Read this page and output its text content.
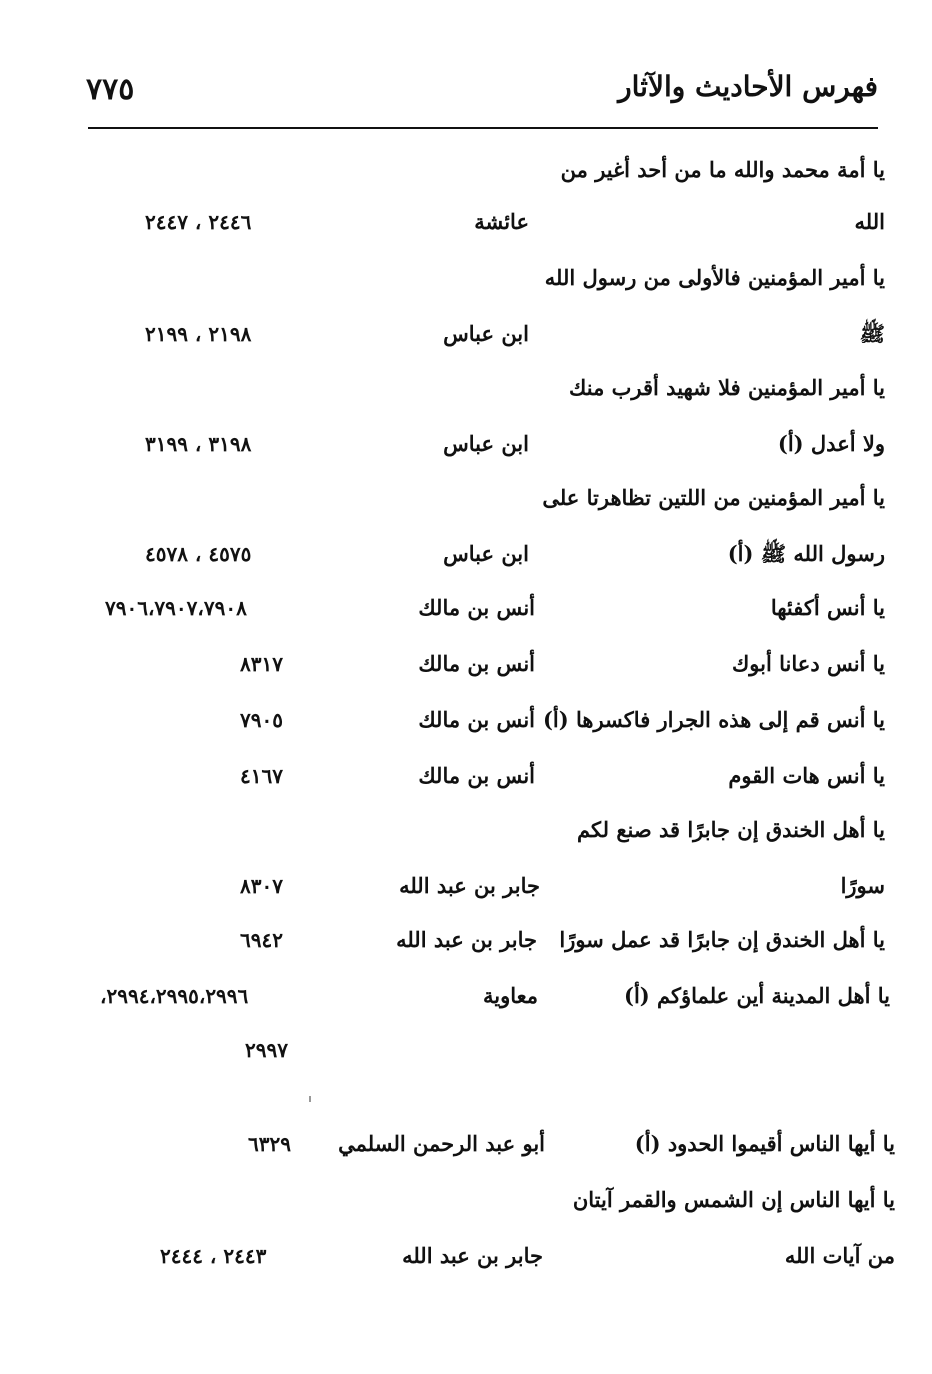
٧٧٥	فهرس الأحاديث والآثار
يا أمة محمد والله ما من أحد أغير من
الله
عائشة
٢٤٤٦ ، ٢٤٤٧
يا أمير المؤمنين فالأولى من رسول الله
ﷺ
ابن عباس
٢١٩٨ ، ٢١٩٩
يا أمير المؤمنين فلا شهيد أقرب منك
ولا أعدل (أ)
ابن عباس
٣١٩٨ ، ٣١٩٩
يا أمير المؤمنين من اللتين تظاهرتا على
رسول الله ﷺ (أ)
ابن عباس
٤٥٧٥ ، ٤٥٧٨
يا أنس أكفئها
أنس بن مالك
٧٩٠٦،٧٩٠٧،٧٩٠٨
يا أنس دعانا أبوك
أنس بن مالك
٨٣١٧
يا أنس قم إلى هذه الجرار فاكسرها (أ)
أنس بن مالك
٧٩٠٥
يا أنس هات القوم
أنس بن مالك
٤١٦٧
يا أهل الخندق إن جابرًا قد صنع لكم
سورًا
جابر بن عبد الله
٨٣٠٧
يا أهل الخندق إن جابرًا قد عمل سورًا
جابر بن عبد الله
٦٩٤٢
يا أهل المدينة أين علماؤكم (أ)
معاوية
٢٩٩٤،٢٩٩٥،٢٩٩٦،
٢٩٩٧
يا أيها الناس أقيموا الحدود (أ)
أبو عبد الرحمن السلمي
٦٣٢٩
يا أيها الناس إن الشمس والقمر آيتان
من آيات الله
جابر بن عبد الله
٢٤٤٣ ، ٢٤٤٤
